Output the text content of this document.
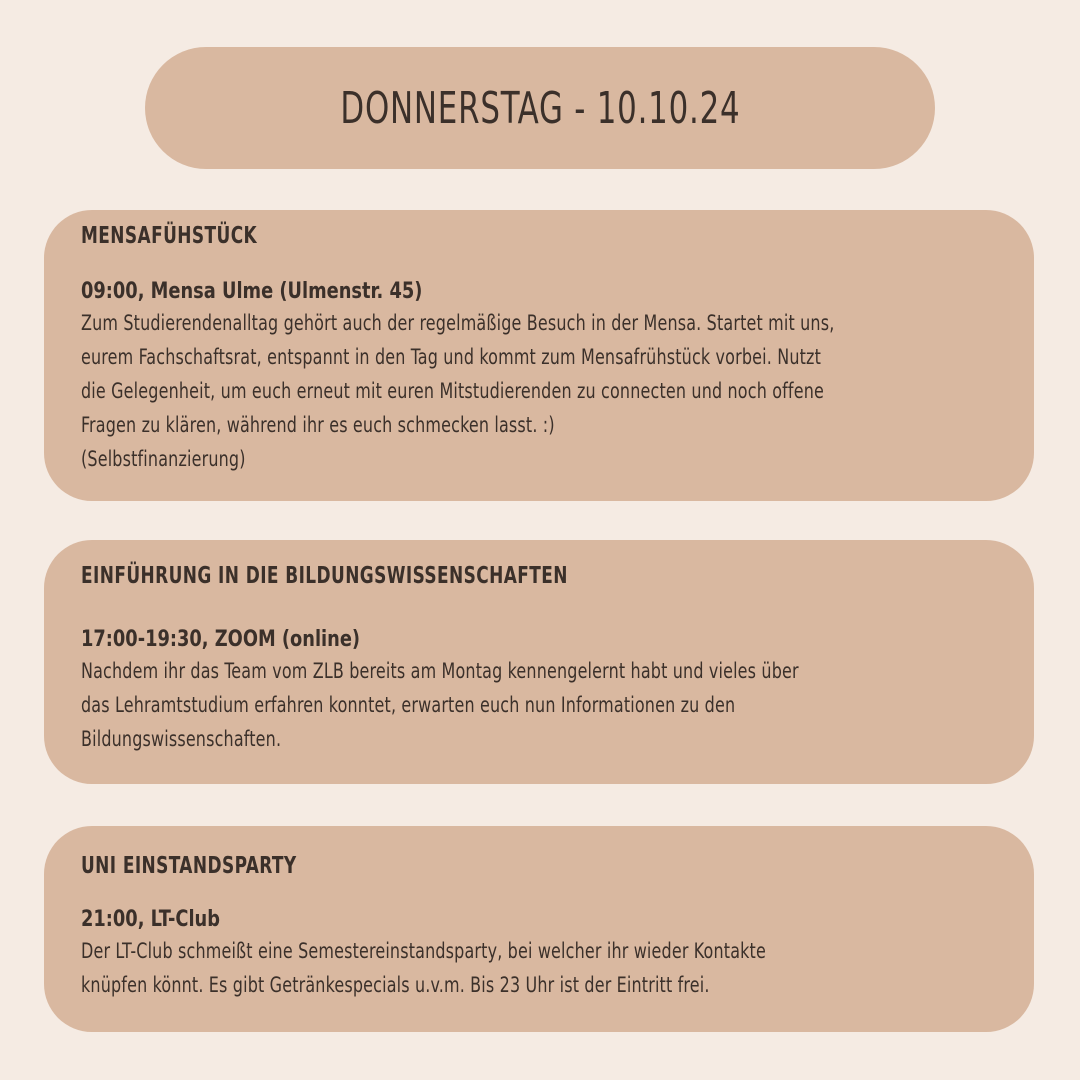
DONNERSTAG - 10.10.24
MENSAFÜHSTÜCK
09:00, Mensa Ulme (Ulmenstr. 45)
Zum Studierendenalltag gehört auch der regelmäßige Besuch in der Mensa. Startet mit uns,
eurem Fachschaftsrat, entspannt in den Tag und kommt zum Mensafrühstück vorbei. Nutzt
die Gelegenheit, um euch erneut mit euren Mitstudierenden zu connecten und noch offene
Fragen zu klären, während ihr es euch schmecken lasst. :)
(Selbstfinanzierung)
EINFÜHRUNG IN DIE BILDUNGSWISSENSCHAFTEN
17:00-19:30, ZOOM (online)
Nachdem ihr das Team vom ZLB bereits am Montag kennengelernt habt und vieles über
das Lehramtstudium erfahren konntet, erwarten euch nun Informationen zu den
Bildungswissenschaften.
UNI EINSTANDSPARTY
21:00, LT-Club
Der LT-Club schmeißt eine Semestereinstandsparty, bei welcher ihr wieder Kontakte
knüpfen könnt. Es gibt Getränkespecials u.v.m. Bis 23 Uhr ist der Eintritt frei.
